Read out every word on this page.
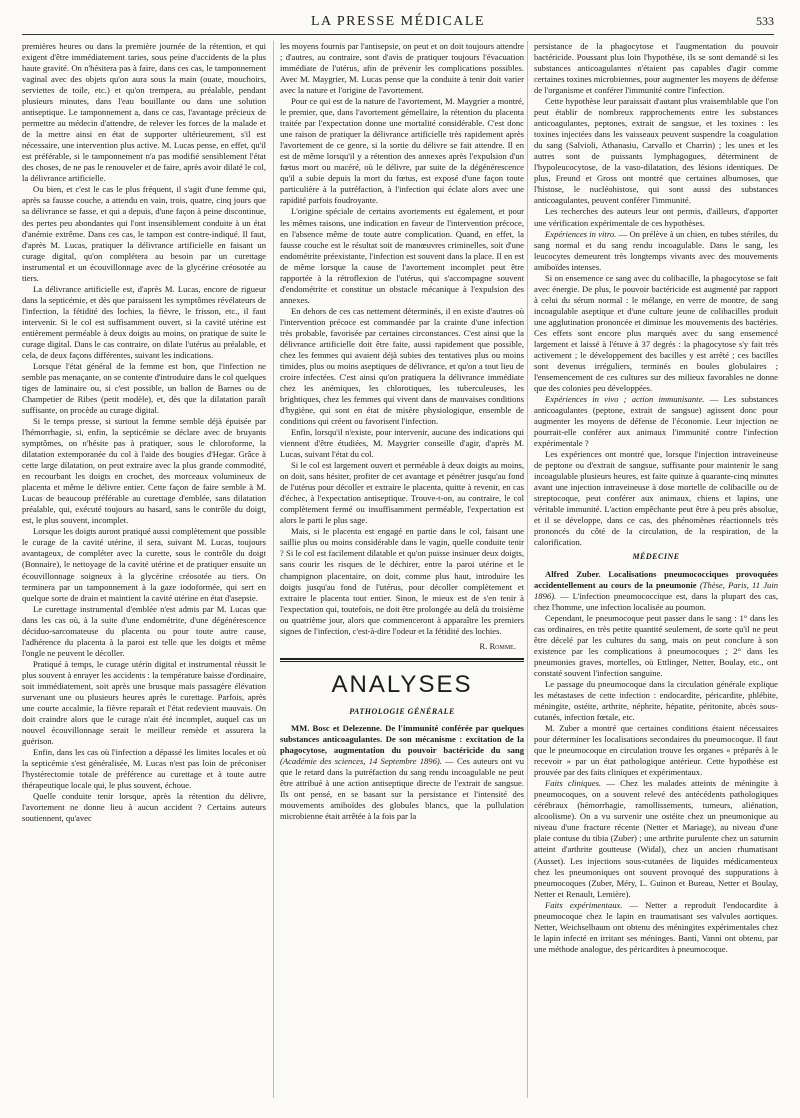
LA PRESSE MÉDICALE	533

premières heures ou dans la première journée de la rétention, et qui exigent d'être immédiatement taries, sous peine d'accidents de la plus haute gravité. On n'hésitera pas à faire, dans ces cas, le tamponnement vaginal avec des objets qu'on aura sous la main (ouate, mouchoirs, serviettes de toile, etc.) et qu'on trempera, au préalable, pendant plusieurs minutes, dans l'eau bouillante ou dans une solution antiseptique. Le tamponnement a, dans ce cas, l'avantage précieux de permettre au médecin d'attendre, de relever les forces de la malade et de la mettre ainsi en état de supporter ultérieurement, s'il est nécessaire, une intervention plus active. M. Lucas pense, en effet, qu'il est préférable, si le tamponnement n'a pas modifié sensiblement l'état des choses, de ne pas le renouveler et de faire, après avoir dilaté le col, la délivrance artificielle.

Ou bien, et c'est le cas le plus fréquent, il s'agit d'une femme qui, après sa fausse couche, a attendu en vain, trois, quatre, cinq jours que sa délivrance se fasse, et qui a depuis, d'une façon à peine discontinue, des pertes peu abondantes qui l'ont insensiblement conduite à un état d'anémie extrême. Dans ces cas, le tampon est contre-indiqué. Il faut, d'après M. Lucas, pratiquer la délivrance artificielle en faisant un curage digital, qu'on complétera au besoin par un curettage instrumental et un écouvillonnage avec de la glycérine créosotée au tiers.

La délivrance artificielle est, d'après M. Lucas, encore de rigueur dans la septicémie, et dès que paraissent les symptômes révélateurs de l'infection, la fétidité des lochies, la fièvre, le frisson, etc., il faut intervenir. Si le col est suffisamment ouvert, si la cavité utérine est entièrement perméable à deux doigts au moins, on pratique de suite le curage digital. Dans le cas contraire, on dilate l'utérus au préalable, et cela, de deux façons différentes, suivant les indications.

Lorsque l'état général de la femme est bon, que l'infection ne semble pas menaçante, on se contente d'introduire dans le col quelques tiges de laminaire ou, si c'est possible, un ballon de Barnes ou de Champetier de Ribes (petit modèle), et, dès que la dilatation paraît suffisante, on procède au curage digital.

Si le temps presse, si surtout la femme semble déjà épuisée par l'hémorrhagie, si, enfin, la septicémie se déclare avec de bruyants symptômes, on n'hésite pas à pratiquer, sous le chloroforme, la dilatation extemporanée du col à l'aide des bougies d'Hegar. Grâce à cette large dilatation, on peut extraire avec la plus grande commodité, en recourbant les doigts en crochet, des morceaux volumineux de placenta et même le délivre entier. Cette façon de faire semble à M. Lucas de beaucoup préférable au curettage d'emblée, sans dilatation préalable, qui, exécuté toujours au hasard, sans le contrôle du doigt, est, le plus souvent, incomplet.

Lorsque les doigts auront pratiqué aussi complètement que possible le curage de la cavité utérine, il sera, suivant M. Lucas, toujours avantageux, de compléter avec la curette, sous le contrôle du doigt (Bonnaire), le nettoyage de la cavité utérine et de pratiquer ensuite un écouvillonnage soigneux à la glycérine créosotée au tiers. On terminera par un tamponnement à la gaze iodoformée, qui sert en quelque sorte de drain et maintient la cavité utérine en état d'asepsie.

Le curettage instrumental d'emblée n'est admis par M. Lucas que dans les cas où, à la suite d'une endométrite, d'une dégénérescence déciduo-sarcomateuse du placenta ou pour toute autre cause, l'adhérence du placenta à la paroi est telle que les doigts et même l'ongle ne peuvent le décoller.

Pratiqué à temps, le curage utérin digital et instrumental réussit le plus souvent à enrayer les accidents : la température baisse d'ordinaire, soit immédiatement, soit après une brusque mais passagère élévation survenant une ou plusieurs heures après le curettage. Parfois, après une courte accalmie, la fièvre reparaît et l'état redevient mauvais. On doit craindre alors que le curage n'ait été incomplet, auquel cas un nouvel écouvillonnage serait le meilleur remède et assurera la guérison.

Enfin, dans les cas où l'infection a dépassé les limites locales et où la septicémie s'est généralisée, M. Lucas n'est pas loin de préconiser l'hystérectomie totale de préférence au curettage et à toute autre thérapeutique locale qui, le plus souvent, échoue.

Quelle conduite tenir lorsque, après la rétention du délivre, l'avortement ne donne lieu à aucun accident ? Certains auteurs soutiennent, qu'avec

les moyens fournis par l'antisepsie, on peut et on doit toujours attendre ; d'autres, au contraire, sont d'avis de pratiquer toujours l'évacuation immédiate de l'utérus, afin de prévenir les complications possibles. Avec M. Maygrier, M. Lucas pense que la conduite à tenir doit varier avec la nature et l'origine de l'avortement.

Pour ce qui est de la nature de l'avortement, M. Maygrier a montré, le premier, que, dans l'avortement gémellaire, la rétention du placenta traitée par l'expectation donne une mortalité considérable. C'est donc une raison de pratiquer la délivrance artificielle très rapidement après l'avortement de ce genre, si la sortie du délivre se fait attendre. Il en est de même lorsqu'il y a rétention des annexes après l'expulsion d'un fœtus mort ou macéré, où le délivre, par suite de la dégénérescence qu'il a subie depuis la mort du fœtus, est exposé d'une façon toute particulière à la putréfaction, à l'infection qui éclate alors avec une rapidité parfois foudroyante.

L'origine spéciale de certains avortements est également, et pour les mêmes raisons, une indication en faveur de l'intervention précoce, en l'absence même de toute autre complication. Quand, en effet, la fausse couche est le résultat soit de manœuvres criminelles, soit d'une endométrite préexistante, l'infection est souvent dans la place. Il en est de même lorsque la cause de l'avortement incomplet peut être rapportée à la rétroflexion de l'utérus, qui s'accompagne souvent d'endométrite et constitue un obstacle mécanique à l'expulsion des annexes.

En dehors de ces cas nettement déterminés, il en existe d'autres où l'intervention précoce est commandée par la crainte d'une infection très probable, favorisée par certaines circonstances. C'est ainsi que la délivrance artificielle doit être faite, aussi rapidement que possible, chez les femmes qui avaient déjà subies des tentatives plus ou moins timides, plus ou moins aseptiques de délivrance, et qu'on a tout lieu de croire infectées. C'est ainsi qu'on pratiquera la délivrance immédiate chez les anémiques, les chlorotiques, les tuberculeuses, les brightiques, chez les femmes qui vivent dans de mauvaises conditions d'hygiène, qui sont en état de misère physiologique, ensemble de conditions qui créent ou favorisent l'infection.

Enfin, lorsqu'il n'existe, pour intervenir, aucune des indications qui viennent d'être étudiées, M. Maygrier conseille d'agir, d'après M. Lucas, suivant l'état du col.

Si le col est largement ouvert et perméable à deux doigts au moins, on doit, sans hésiter, profiter de cet avantage et pénétrer jusqu'au fond de l'utérus pour décoller et extraire le placenta, quitte à revenir, en cas d'échec, à l'expectation antiseptique. Trouve-t-on, au contraire, le col complètement fermé ou insuffisamment perméable, l'expectation est alors le parti le plus sage.

Mais, si le placenta est engagé en partie dans le col, faisant une saillie plus ou moins considérable dans le vagin, quelle conduite tenir ? Si le col est facilement dilatable et qu'on puisse insinuer deux doigts, sans courir les risques de le déchirer, entre la paroi utérine et le champignon placentaire, on doit, comme plus haut, introduire les doigts jusqu'au fond de l'utérus, pour décoller complètement et extraire le placenta tout entier. Sinon, le mieux est de s'en tenir à l'expectation qui, toutefois, ne doit être prolongée au delà du troisième ou quatrième jour, alors que commenceront à apparaître les premiers signes de l'infection, c'est-à-dire l'odeur et la fétidité des lochies.

R. Romme.

ANALYSES
PATHOLOGIE GÉNÉRALE

MM. Bosc et Delezenne. De l'immunité conférée par quelques substances anticoagulantes. De son mécanisme : excitation de la phagocytose, augmentation du pouvoir bactéricide du sang (Académie des sciences, 14 Septembre 1896). — Ces auteurs ont vu que le retard dans la putréfaction du sang rendu incoagulable ne peut être attribué à une action antiseptique directe de l'extrait de sangsue. Ils ont pensé, en se basant sur la persistance et l'intensité des mouvements amiboïdes des globules blancs, que la pullulation microbienne était arrêtée à la fois par la

persistance de la phagocytose et l'augmentation du pouvoir bactéricide. Poussant plus loin l'hypothèse, ils se sont demandé si les substances anticoagulantes n'étaient pas capables d'agir comme certaines toxines microbiennes, pour augmenter les moyens de défense de l'organisme et conférer l'immunité contre l'infection.

Cette hypothèse leur paraissait d'autant plus vraisemblable que l'on peut établir de nombreux rapprochements entre les substances anticoagulantes, peptones, extrait de sangsue, et les toxines : les toxines injectées dans les vaisseaux peuvent suspendre la coagulation du sang (Salvioli, Athanasiu, Carvallo et Charrin) ; les unes et les autres sont de puissants lymphagogues, déterminent de l'hypoleucocytose, de la vaso-dilatation, des lésions identiques. De plus, Freund et Gross ont montré que certaines albumoses, que l'histose, le nucléohistose, qui sont aussi des substances anticoagulantes, peuvent conférer l'immunité.

Les recherches des auteurs leur ont permis, d'ailleurs, d'apporter une vérification expérimentale de ces hypothèses.

Expériences in vitro. — On prélève à un chien, en tubes stériles, du sang normal et du sang rendu incoagulable. Dans le sang, les leucocytes demeurent très longtemps vivants avec des mouvements amiboïdes intenses.

Si on ensemence ce sang avec du colibacille, la phagocytose se fait avec énergie. De plus, le pouvoir bactéricide est augmenté par rapport à celui du sérum normal : le mélange, en verre de montre, de sang incoagulable aseptique et d'une culture jeune de colibacilles produit une agglutination prononcée et diminue les mouvements des bactéries. Ces effets sont encore plus marqués avec du sang ensemencé largement et laissé à l'étuve à 37 degrés : la phagocytose s'y fait très activement ; le développement des bacilles y est arrêté ; ces bacilles sont devenus irréguliers, terminés en boules globulaires ; l'ensemencement de ces cultures sur des milieux favorables ne donne que des colonies peu développées.

Expériences in vivo ; action immunisante. — Les substances anticoagulantes (peptone, extrait de sangsue) agissent donc pour augmenter les moyens de défense de l'économie. Leur injection ne pourrait-elle conférer aux animaux l'immunité contre l'infection expérimentale ?

Les expériences ont montré que, lorsque l'injection intraveineuse de peptone ou d'extrait de sangsue, suffisante pour maintenir le sang incoagulable plusieurs heures, est faite quinze à quarante-cinq minutes avant une injection intraveineuse à dose mortelle de colibacille ou de streptocoque, peut conférer aux animaux, chiens et lapins, une véritable immunité. L'action empêchante peut être à peu près absolue, et il se développe, dans ce cas, des phénomènes réactionnels très prononcés du côté de la circulation, de la respiration, de la calorification.

MÉDECINE

Alfred Zuber. Localisations pneumococciques provoquées accidentellement au cours de la pneumonie (Thèse, Paris, 11 Juin 1896). — L'infection pneumococcique est, dans la plupart des cas, chez l'homme, une infection localisée au poumon.

Cependant, le pneumocoque peut passer dans le sang : 1° dans les cas ordinaires, en très petite quantité seulement, de sorte qu'il ne peut être décelé par les cultures du sang, mais on peut conclure à son existence par les complications à pneumocoques ; 2° dans les pneumonies graves, mortelles, où Ettlinger, Netter, Boulay, etc., ont constaté souvent l'infection sanguine.

Le passage du pneumocoque dans la circulation générale explique les métastases de cette infection : endocardite, péricardite, phlébite, méningite, ostéite, arthrite, néphrite, hépatite, péritonite, abcès sous-cutanés, infection fœtale, etc.

M. Zuber a montré que certaines conditions étaient nécessaires pour déterminer les localisations secondaires du pneumocoque. Il faut que le pneumocoque en circulation trouve les organes « préparés à le recevoir » par un état pathologique antérieur. Cette hypothèse est prouvée par des faits cliniques et expérimentaux.

Faits cliniques. — Chez les malades atteints de méningite à pneumocoques, on a souvent relevé des antécédents pathologiques cérébraux (hémorrhagie, ramollissements, tumeurs, aliénation, alcoolisme). On a vu survenir une ostéite chez un pneumonique au niveau d'une fracture récente (Netter et Mariage), au niveau d'une plaie contuse du tibia (Zuber) ; une arthrite purulente chez un saturnin atteint d'arthrite goutteuse (Widal), chez un ancien rhumatisant (Ausset). Les injections sous-cutanées de liquides médicamenteux chez les pneumoniques ont souvent provoqué des suppurations à pneumocoques (Zuber, Méry, L. Guinon et Bureau, Netter et Boulay, Netter et Renault, Lemière).

Faits expérimentaux. — Netter a reproduit l'endocardite à pneumocoque chez le lapin en traumatisant ses valvules aortiques. Netter, Weichselbaum ont obtenu des méningites expérimentales chez le lapin infecté en irritant ses méninges. Banti, Vanni ont obtenu, par une méthode analogue, des péricardites à pneumocoque.
